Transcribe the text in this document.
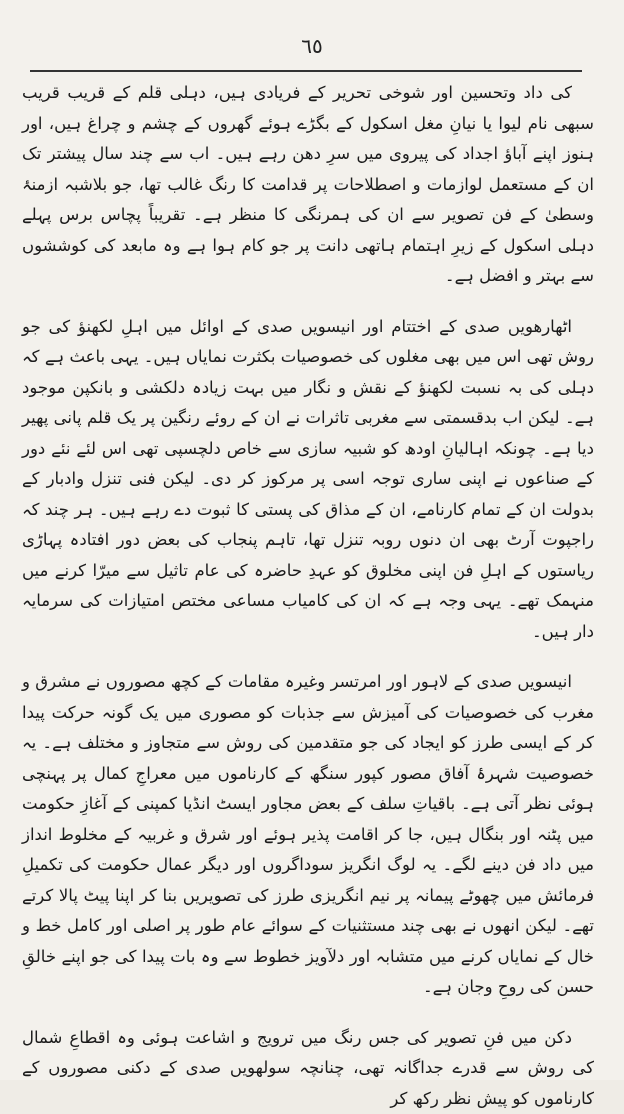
٦٥

کی داد وتحسین اور شوخی تحریر کے فریادی ہیں، دہلی قلم کے قریب قریب سبھی نام لیوا یا نیانِ مغل اسکول کے بگڑے ہوئے گھروں کے چشم و چراغ ہیں، اور ہنوز اپنے آباؤ اجداد کی پیروی میں سرِ دھن رہے ہیں۔ اب سے چند سال پیشتر تک ان کے مستعمل لوازمات و اصطلاحات پر قدامت کا رنگ غالب تھا، جو بلاشبہ ازمنۂ وسطیٰ کے فن تصویر سے ان کی ہمرنگی کا منظر ہے۔ تقریباً پچاس برس پہلے دہلی اسکول کے زیرِ اہتمام ہاتھی دانت پر جو کام ہوا ہے وہ مابعد کی کوششوں سے بہتر و افضل ہے۔

اٹھارھویں صدی کے اختتام اور انیسویں صدی کے اوائل میں اہلِ لکھنؤ کی جو روش تھی اس میں بھی مغلوں کی خصوصیات بکثرت نمایاں ہیں۔ یہی باعث ہے کہ دہلی کی بہ نسبت لکھنؤ کے نقش و نگار میں بہت زیادہ دلکشی و بانکپن موجود ہے۔ لیکن اب بدقسمتی سے مغربی تاثرات نے ان کے روئے رنگین پر یک قلم پانی پھیر دیا ہے۔ چونکہ اہالیانِ اودھ کو شبیہ سازی سے خاص دلچسپی تھی اس لئے نئے دور کے صناعوں نے اپنی ساری توجہ اسی پر مرکوز کر دی۔ لیکن فنی تنزل وادبار کے بدولت ان کے تمام کارنامے، ان کے مذاق کی پستی کا ثبوت دے رہے ہیں۔ ہر چند کہ راجپوت آرٹ بھی ان دنوں روبہ تنزل تھا، تاہم پنجاب کی بعض دور افتادہ پہاڑی ریاستوں کے اہلِ فن اپنی مخلوق کو عہدِ حاضرہ کی عام تاثیل سے میرّا کرنے میں منہمک تھے۔ یہی وجہ ہے کہ ان کی کامیاب مساعی مختص امتیازات کی سرمایہ دار ہیں۔

انیسویں صدی کے لاہور اور امرتسر وغیرہ مقامات کے کچھ مصوروں نے مشرق و مغرب کی خصوصیات کی آمیزش سے جذبات کو مصوری میں یک گونہ حرکت پیدا کر کے ایسی طرز کو ایجاد کی جو متقدمین کی روش سے متجاوز و مختلف ہے۔ یہ خصوصیت شہرۂ آفاق مصور کپور سنگھ کے کارناموں میں معراجِ کمال پر پہنچی ہوئی نظر آتی ہے۔ باقیاتِ سلف کے بعض مجاور ایسٹ انڈیا کمپنی کے آغازِ حکومت میں پٹنہ اور بنگال ہیں، جا کر اقامت پذیر ہوئے اور شرق و غربیہ کے مخلوط انداز میں داد فن دینے لگے۔ یہ لوگ انگریز سوداگروں اور دیگر عمال حکومت کی تکمیلِ فرمائش میں چھوٹے پیمانہ پر نیم انگریزی طرز کی تصویریں بنا کر اپنا پیٹ پالا کرتے تھے۔ لیکن انھوں نے بھی چند مستثنیات کے سوائے عام طور پر اصلی اور کامل خط و خال کے نمایاں کرنے میں متشابہ اور دلآویز خطوط سے وہ بات پیدا کی جو اپنے خالقِ حسن کی روحِ وجان ہے۔

دکن میں فنِ تصویر کی جس رنگ میں ترویج و اشاعت ہوئی وہ اقطاعِ شمال کی روش سے قدرے جداگانہ تھی، چنانچہ سولھویں صدی کے دکنی مصوروں کے کارناموں کو پیش نظر رکھ کر
